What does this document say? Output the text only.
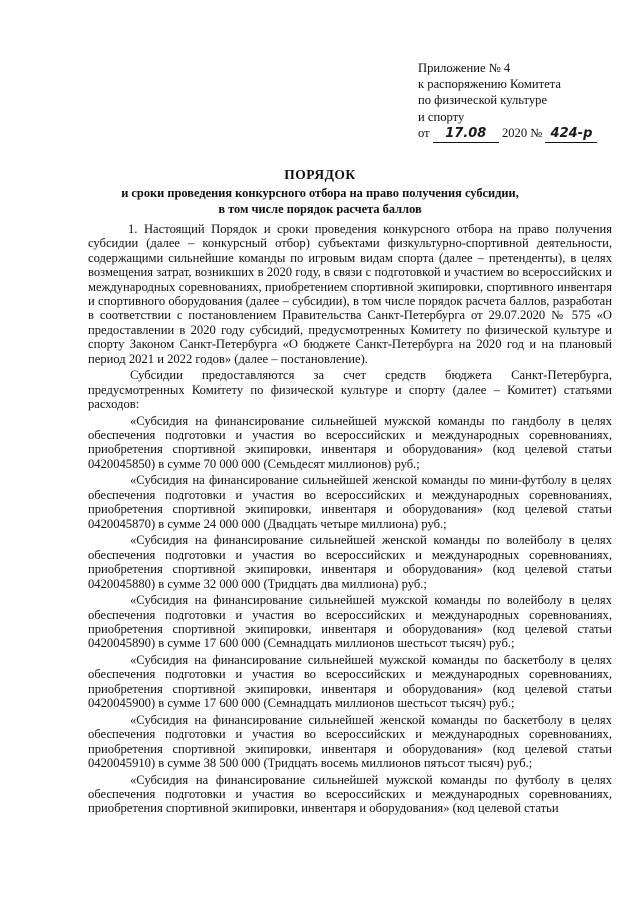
Приложение № 4
к распоряжению Комитета
по физической культуре
и спорту
от
	17.08
	2020 №
424-р
ПОРЯДОК
и сроки проведения конкурсного отбора на право получения субсидии,
в том числе порядок расчета баллов

1. Настоящий Порядок и сроки проведения конкурсного отбора на право получения субсидии (далее – конкурсный отбор) субъектами физкультурно-спортивной деятельности, содержащими сильнейшие команды по игровым видам спорта (далее – претенденты), в целях возмещения затрат, возникших в 2020 году, в связи с подготовкой и участием во всероссийских и международных соревнованиях, приобретением спортивной экипировки, спортивного инвентаря и спортивного оборудования (далее – субсидии), в том числе порядок расчета баллов, разработан в соответствии с постановлением Правительства Санкт-Петербурга от 29.07.2020 № 575 «О предоставлении в 2020 году субсидий, предусмотренных Комитету по физической культуре и спорту Законом Санкт-Петербурга «О бюджете Санкт-Петербурга на 2020 год и на плановый период 2021 и 2022 годов» (далее – постановление).

Субсидии предоставляются за счет средств бюджета Санкт-Петербурга, предусмотренных Комитету по физической культуре и спорту (далее – Комитет) статьями расходов:

«Субсидия на финансирование сильнейшей мужской команды по гандболу в целях обеспечения подготовки и участия во всероссийских и международных соревнованиях, приобретения спортивной экипировки, инвентаря и оборудования» (код целевой статьи 0420045850) в сумме 70 000 000 (Семьдесят миллионов) руб.;

«Субсидия на финансирование сильнейшей женской команды по мини-футболу в целях обеспечения подготовки и участия во всероссийских и международных соревнованиях, приобретения спортивной экипировки, инвентаря и оборудования» (код целевой статьи 0420045870) в сумме 24 000 000 (Двадцать четыре миллиона) руб.;

«Субсидия на финансирование сильнейшей женской команды по волейболу в целях обеспечения подготовки и участия во всероссийских и международных соревнованиях, приобретения спортивной экипировки, инвентаря и оборудования» (код целевой статьи 0420045880) в сумме 32 000 000 (Тридцать два миллиона) руб.;

«Субсидия на финансирование сильнейшей мужской команды по волейболу в целях обеспечения подготовки и участия во всероссийских и международных соревнованиях, приобретения спортивной экипировки, инвентаря и оборудования» (код целевой статьи 0420045890) в сумме 17 600 000 (Семнадцать миллионов шестьсот тысяч) руб.;

«Субсидия на финансирование сильнейшей мужской команды по баскетболу в целях обеспечения подготовки и участия во всероссийских и международных соревнованиях, приобретения спортивной экипировки, инвентаря и оборудования» (код целевой статьи 0420045900) в сумме 17 600 000 (Семнадцать миллионов шестьсот тысяч) руб.;

«Субсидия на финансирование сильнейшей женской команды по баскетболу в целях обеспечения подготовки и участия во всероссийских и международных соревнованиях, приобретения спортивной экипировки, инвентаря и оборудования» (код целевой статьи 0420045910) в сумме 38 500 000 (Тридцать восемь миллионов пятьсот тысяч) руб.;

«Субсидия на финансирование сильнейшей мужской команды по футболу в целях обеспечения подготовки и участия во всероссийских и международных соревнованиях, приобретения спортивной экипировки, инвентаря и оборудования» (код целевой статьи
